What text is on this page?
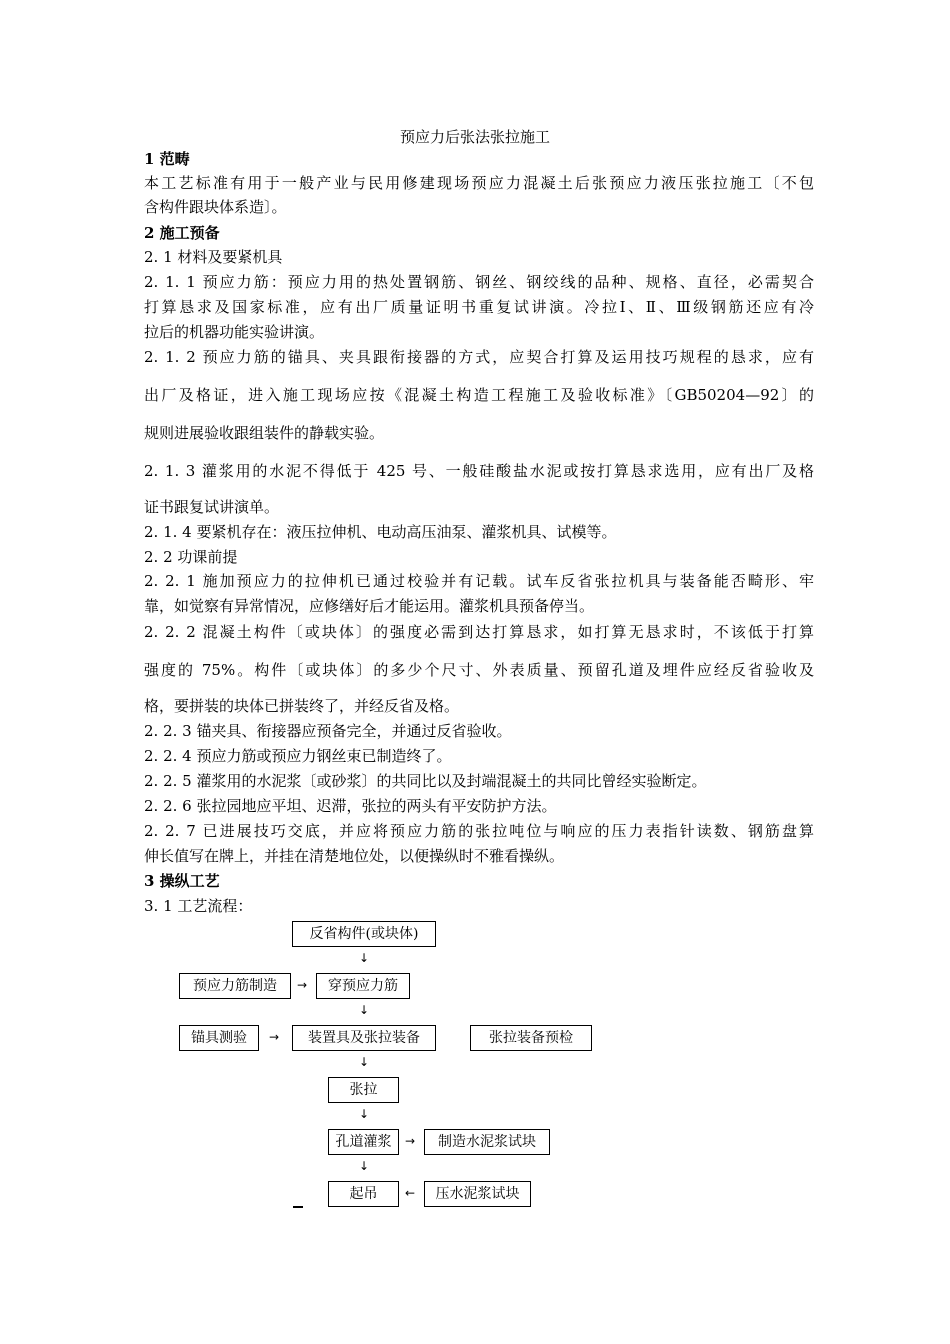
预应力后张法张拉施工
1 范畴
本工艺标准有用于一般产业与民用修建现场预应力混凝土后张预应力液压张拉施工〔不包
含构件跟块体系造〕。
2 施工预备
2. 1 材料及要紧机具
2. 1. 1 预应力筋：预应力用的热处置钢筋、钢丝、钢绞线的品种、规格、直径，必需契合
打算恳求及国家标准，应有出厂质量证明书重复试讲演。冷拉Ⅰ、Ⅱ、Ⅲ级钢筋还应有冷
拉后的机器功能实验讲演。
2. 1. 2 预应力筋的锚具、夹具跟衔接器的方式，应契合打算及运用技巧规程的恳求，应有
出厂及格证，进入施工现场应按《混凝土构造工程施工及验收标准》〔GB50204—92〕的
规则进展验收跟组装件的静载实验。
2. 1. 3 灌浆用的水泥不得低于 425 号、一般硅酸盐水泥或按打算恳求选用，应有出厂及格
证书跟复试讲演单。
2. 1. 4 要紧机存在：液压拉伸机、电动高压油泵、灌浆机具、试模等。
2. 2 功课前提
2. 2. 1 施加预应力的拉伸机已通过校验并有记载。试车反省张拉机具与装备能否畸形、牢
靠，如觉察有异常情况，应修缮好后才能运用。灌浆机具预备停当。
2. 2. 2 混凝土构件〔或块体〕的强度必需到达打算恳求，如打算无恳求时，不该低于打算
强度的 75%。构件〔或块体〕的多少个尺寸、外表质量、预留孔道及埋件应经反省验收及
格，要拼装的块体已拼装终了，并经反省及格。
2. 2. 3 锚夹具、衔接器应预备完全，并通过反省验收。
2. 2. 4 预应力筋或预应力钢丝束已制造终了。
2. 2. 5 灌浆用的水泥浆〔或砂浆〕的共同比以及封端混凝土的共同比曾经实验断定。
2. 2. 6 张拉园地应平坦、迟滞，张拉的两头有平安防护方法。
2. 2. 7 已进展技巧交底，并应将预应力筋的张拉吨位与响应的压力表指针读数、钢筋盘算
伸长值写在牌上，并挂在清楚地位处，以便操纵时不雅看操纵。
3 操纵工艺
3. 1 工艺流程：
反省构件(或块体)
↓
预应力筋制造	→	穿预应力筋
↓
锚具测验	→	装置具及张拉装备	张拉装备预检
↓
张拉
↓
孔道灌浆	→	制造水泥浆试块
↓
起吊	←	压水泥浆试块
